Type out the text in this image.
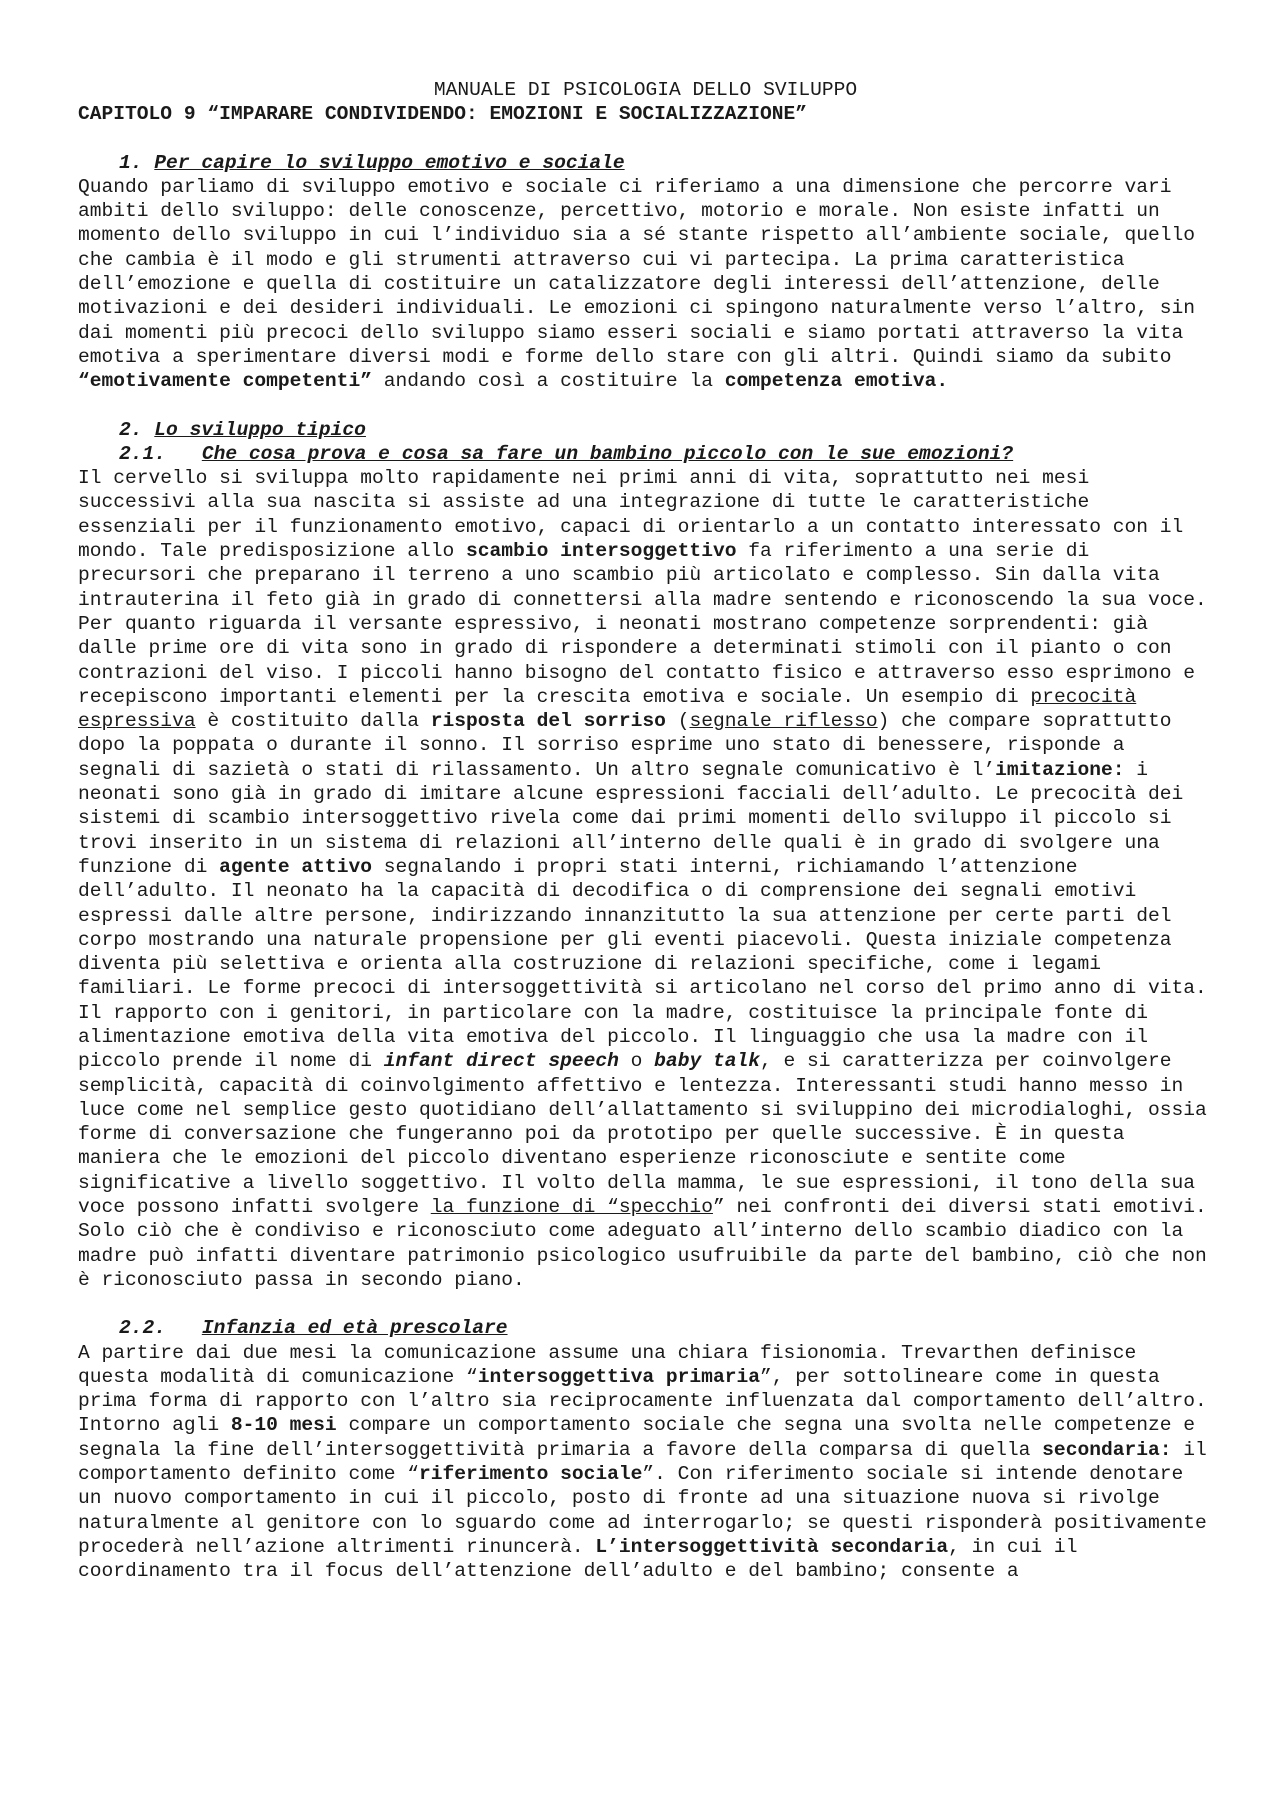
MANUALE DI PSICOLOGIA DELLO SVILUPPO
CAPITOLO 9 “IMPARARE CONDIVIDENDO: EMOZIONI E SOCIALIZZAZIONE”
1. Per capire lo sviluppo emotivo e sociale
Quando parliamo di sviluppo emotivo e sociale ci riferiamo a una dimensione che percorre vari ambiti dello sviluppo: delle conoscenze, percettivo, motorio e morale. Non esiste infatti un momento dello sviluppo in cui l’individuo sia a sé stante rispetto all’ambiente sociale, quello che cambia è il modo e gli strumenti attraverso cui vi partecipa. La prima caratteristica dell’emozione e quella di costituire un catalizzatore degli interessi dell’attenzione, delle motivazioni e dei desideri individuali. Le emozioni ci spingono naturalmente verso l’altro, sin dai momenti più precoci dello sviluppo siamo esseri sociali e siamo portati attraverso la vita emotiva a sperimentare diversi modi e forme dello stare con gli altri. Quindi siamo da subito “emotivamente competenti” andando così a costituire la competenza emotiva.
2. Lo sviluppo tipico
2.1. Che cosa prova e cosa sa fare un bambino piccolo con le sue emozioni?
Il cervello si sviluppa molto rapidamente nei primi anni di vita, soprattutto nei mesi successivi alla sua nascita si assiste ad una integrazione di tutte le caratteristiche essenziali per il funzionamento emotivo, capaci di orientarlo a un contatto interessato con il mondo. Tale predisposizione allo scambio intersoggettivo fa riferimento a una serie di precursori che preparano il terreno a uno scambio più articolato e complesso. Sin dalla vita intrauterina il feto già in grado di connettersi alla madre sentendo e riconoscendo la sua voce. Per quanto riguarda il versante espressivo, i neonati mostrano competenze sorprendenti: già dalle prime ore di vita sono in grado di rispondere a determinati stimoli con il pianto o con contrazioni del viso. I piccoli hanno bisogno del contatto fisico e attraverso esso esprimono e recepiscono importanti elementi per la crescita emotiva e sociale. Un esempio di precocità espressiva è costituito dalla risposta del sorriso (segnale riflesso) che compare soprattutto dopo la poppata o durante il sonno. Il sorriso esprime uno stato di benessere, risponde a segnali di sazietà o stati di rilassamento. Un altro segnale comunicativo è l’imitazione: i neonati sono già in grado di imitare alcune espressioni facciali dell’adulto. Le precocità dei sistemi di scambio intersoggettivo rivela come dai primi momenti dello sviluppo il piccolo si trovi inserito in un sistema di relazioni all’interno delle quali è in grado di svolgere una funzione di agente attivo segnalando i propri stati interni, richiamando l’attenzione dell’adulto. Il neonato ha la capacità di decodifica o di comprensione dei segnali emotivi espressi dalle altre persone, indirizzando innanzitutto la sua attenzione per certe parti del corpo mostrando una naturale propensione per gli eventi piacevoli. Questa iniziale competenza diventa più selettiva e orienta alla costruzione di relazioni specifiche, come i legami familiari. Le forme precoci di intersoggettività si articolano nel corso del primo anno di vita. Il rapporto con i genitori, in particolare con la madre, costituisce la principale fonte di alimentazione emotiva della vita emotiva del piccolo. Il linguaggio che usa la madre con il piccolo prende il nome di infant direct speech o baby talk, e si caratterizza per coinvolgere semplicità, capacità di coinvolgimento affettivo e lentezza. Interessanti studi hanno messo in luce come nel semplice gesto quotidiano dell’allattamento si sviluppino dei microdialoghi, ossia forme di conversazione che fungeranno poi da prototipo per quelle successive. È in questa maniera che le emozioni del piccolo diventano esperienze riconosciute e sentite come significative a livello soggettivo. Il volto della mamma, le sue espressioni, il tono della sua voce possono infatti svolgere la funzione di “specchio” nei confronti dei diversi stati emotivi. Solo ciò che è condiviso e riconosciuto come adeguato all’interno dello scambio diadico con la madre può infatti diventare patrimonio psicologico usufruibile da parte del bambino, ciò che non è riconosciuto passa in secondo piano.
2.2. Infanzia ed età prescolare
A partire dai due mesi la comunicazione assume una chiara fisionomia. Trevarthen definisce questa modalità di comunicazione “intersoggettiva primaria”, per sottolineare come in questa prima forma di rapporto con l’altro sia reciprocamente influenzata dal comportamento dell’altro. Intorno agli 8-10 mesi compare un comportamento sociale che segna una svolta nelle competenze e segnala la fine dell’intersoggettività primaria a favore della comparsa di quella secondaria: il comportamento definito come “riferimento sociale”. Con riferimento sociale si intende denotare un nuovo comportamento in cui il piccolo, posto di fronte ad una situazione nuova si rivolge naturalmente al genitore con lo sguardo come ad interrogarlo; se questi risponderà positivamente procederà nell’azione altrimenti rinuncerà. L’intersoggettività secondaria, in cui il coordinamento tra il focus dell’attenzione dell’adulto e del bambino; consente a
